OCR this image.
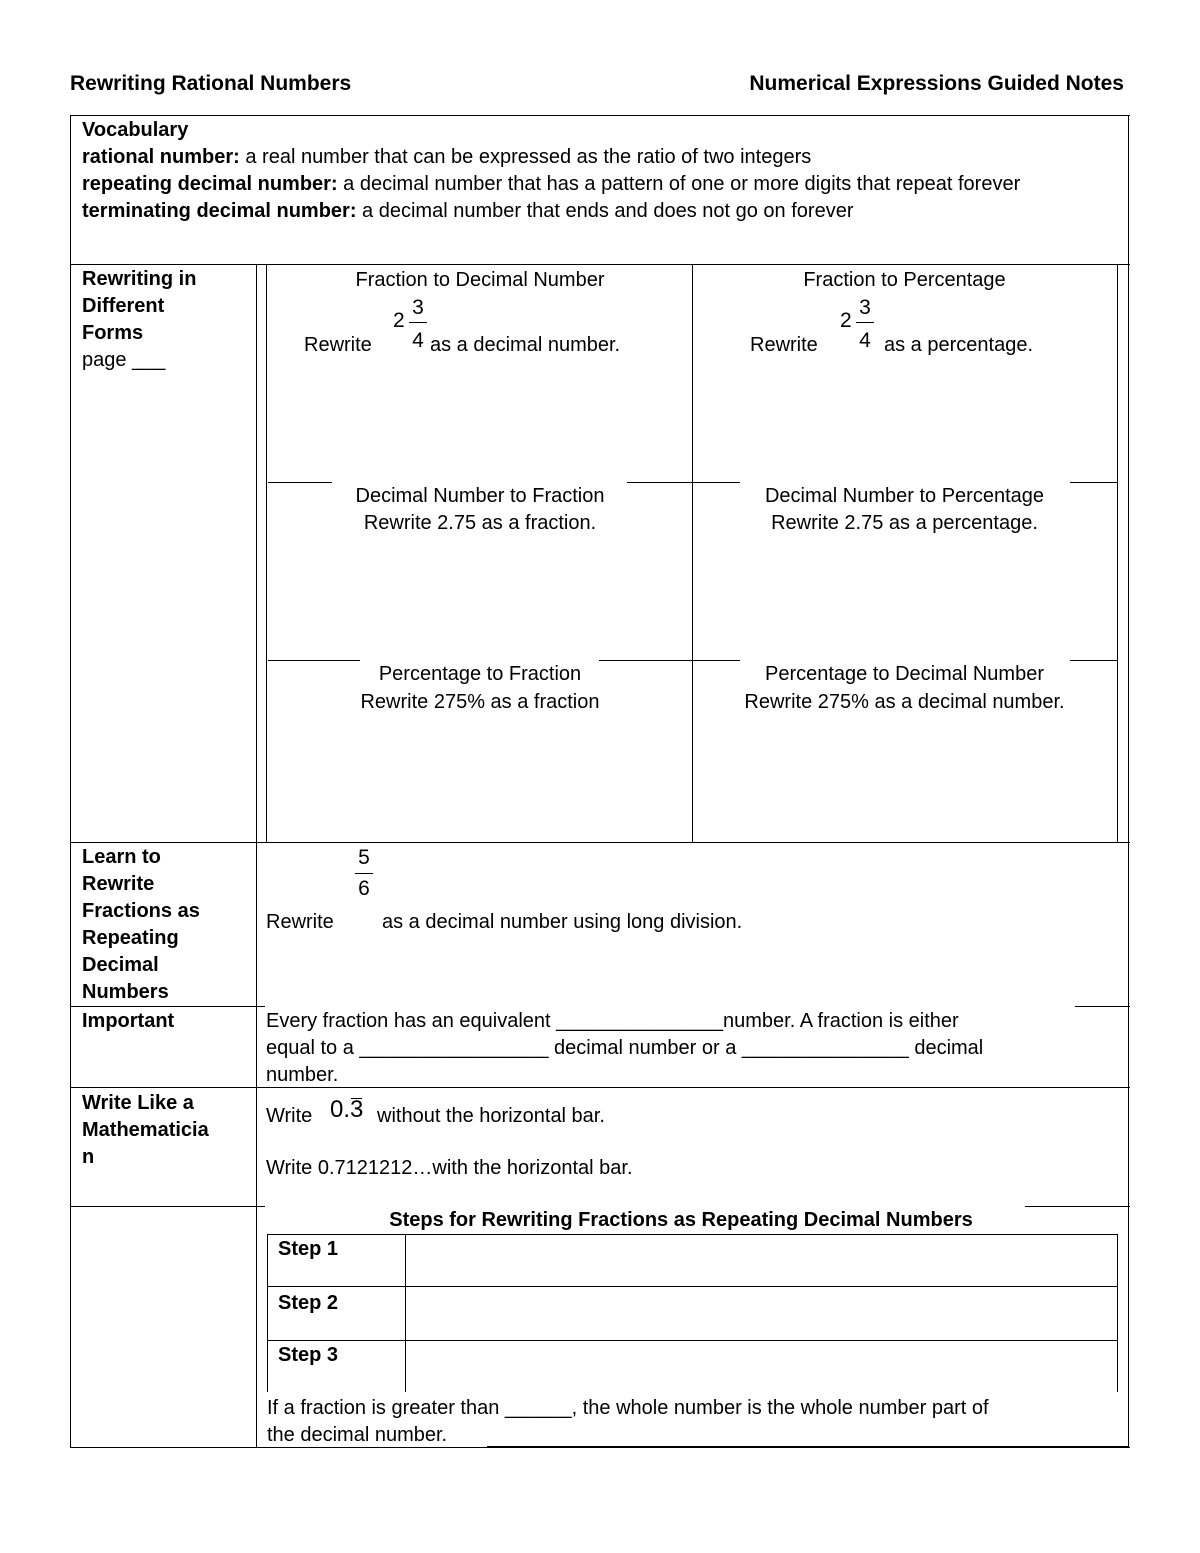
Rewriting Rational Numbers	Numerical Expressions Guided Notes
Vocabulary
rational number: a real number that can be expressed as the ratio of two integers
repeating decimal number: a decimal number that has a pattern of one or more digits that repeat forever
terminating decimal number: a decimal number that ends and does not go on forever
Rewriting in
Different
Forms
page ___
Fraction to Decimal Number
Rewrite
2
3
4 as a decimal number.
Fraction to Percentage
Rewrite
2
3
4 as a percentage.
Decimal Number to Fraction
Rewrite 2.75 as a fraction.
Decimal Number to Percentage
Rewrite 2.75 as a percentage.
Percentage to Fraction
Rewrite 275% as a fraction
Percentage to Decimal Number
Rewrite 275% as a decimal number.
Learn to
Rewrite
Fractions as
Repeating
Decimal
Numbers
5
6
Rewrite as a decimal number using long division.
Important	Every fraction has an equivalent _______________number. A fraction is either
equal to a _________________ decimal number or a _______________ decimal
number.
Write Like a
Mathematicia
n
Write 0.
3 without the horizontal bar.
Write 0.7121212…with the horizontal bar.
Steps for Rewriting Fractions as Repeating Decimal Numbers
Step 1
Step 2
Step 3
If a fraction is greater than ______, the whole number is the whole number part of
the decimal number.
